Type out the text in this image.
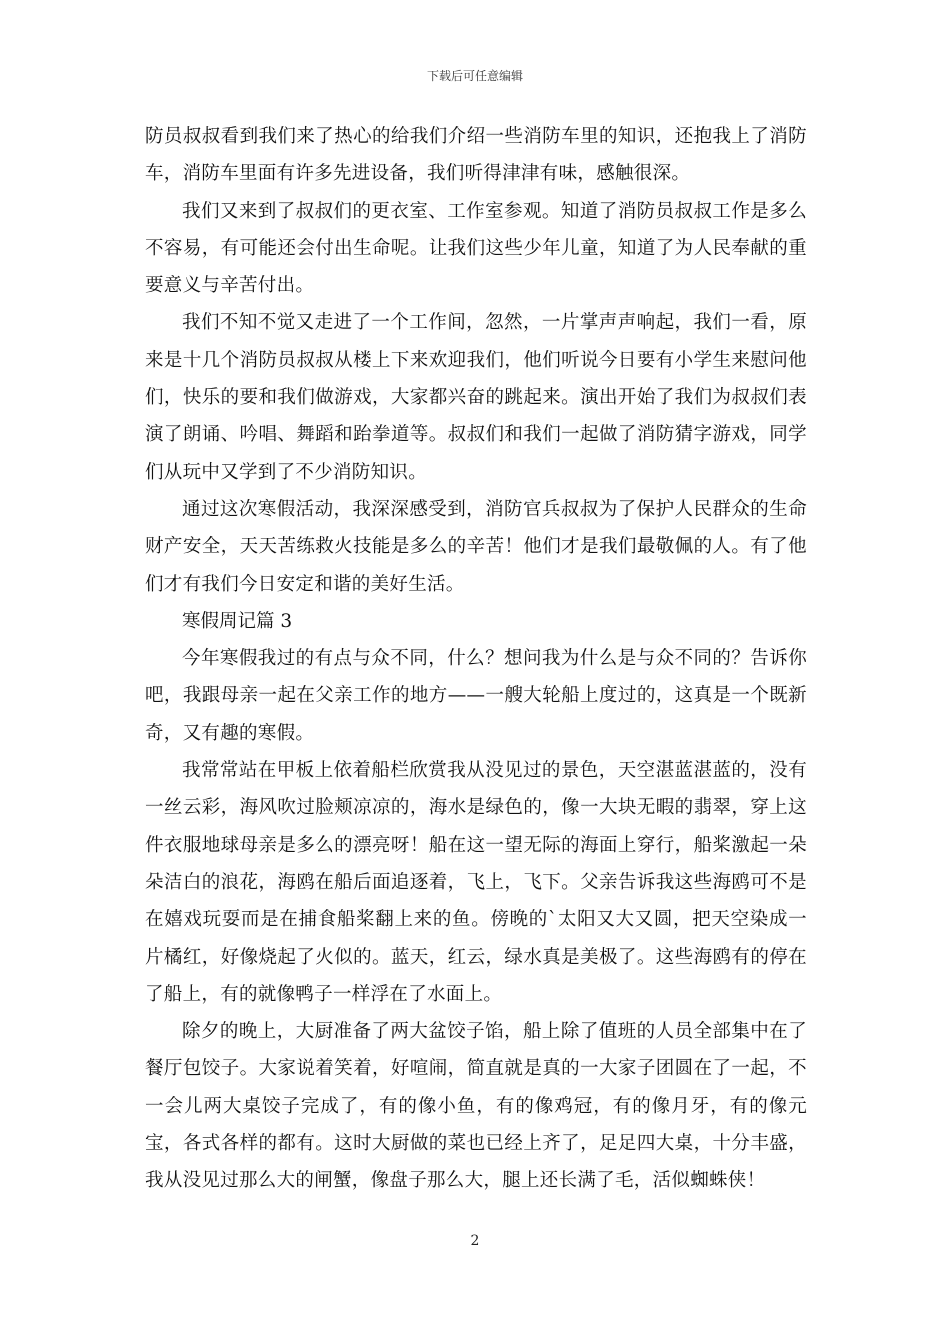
下载后可任意编辑

防员叔叔看到我们来了热心的给我们介绍一些消防车里的知识，还抱我上了消防车，消防车里面有许多先进设备，我们听得津津有味，感触很深。

我们又来到了叔叔们的更衣室、工作室参观。知道了消防员叔叔工作是多么不容易，有可能还会付出生命呢。让我们这些少年儿童，知道了为人民奉献的重要意义与辛苦付出。

我们不知不觉又走进了一个工作间，忽然，一片掌声声响起，我们一看，原来是十几个消防员叔叔从楼上下来欢迎我们，他们听说今日要有小学生来慰问他们，快乐的要和我们做游戏，大家都兴奋的跳起来。演出开始了我们为叔叔们表演了朗诵、吟唱、舞蹈和跆拳道等。叔叔们和我们一起做了消防猜字游戏，同学们从玩中又学到了不少消防知识。

通过这次寒假活动，我深深感受到，消防官兵叔叔为了保护人民群众的生命财产安全，天天苦练救火技能是多么的辛苦！他们才是我们最敬佩的人。有了他们才有我们今日安定和谐的美好生活。

寒假周记篇 3

今年寒假我过的有点与众不同，什么？想问我为什么是与众不同的？告诉你吧，我跟母亲一起在父亲工作的地方——一艘大轮船上度过的，这真是一个既新奇，又有趣的寒假。

我常常站在甲板上依着船栏欣赏我从没见过的景色，天空湛蓝湛蓝的，没有一丝云彩，海风吹过脸颊凉凉的，海水是绿色的，像一大块无暇的翡翠，穿上这件衣服地球母亲是多么的漂亮呀！船在这一望无际的海面上穿行，船桨激起一朵朵洁白的浪花，海鸥在船后面追逐着，飞上，飞下。父亲告诉我这些海鸥可不是在嬉戏玩耍而是在捕食船桨翻上来的鱼。傍晚的`太阳又大又圆，把天空染成一片橘红，好像烧起了火似的。蓝天，红云，绿水真是美极了。这些海鸥有的停在了船上，有的就像鸭子一样浮在了水面上。

除夕的晚上，大厨准备了两大盆饺子馅，船上除了值班的人员全部集中在了餐厅包饺子。大家说着笑着，好喧闹，简直就是真的一大家子团圆在了一起，不一会儿两大桌饺子完成了，有的像小鱼，有的像鸡冠，有的像月牙，有的像元宝，各式各样的都有。这时大厨做的菜也已经上齐了，足足四大桌，十分丰盛，我从没见过那么大的闸蟹，像盘子那么大，腿上还长满了毛，活似蜘蛛侠！

2
